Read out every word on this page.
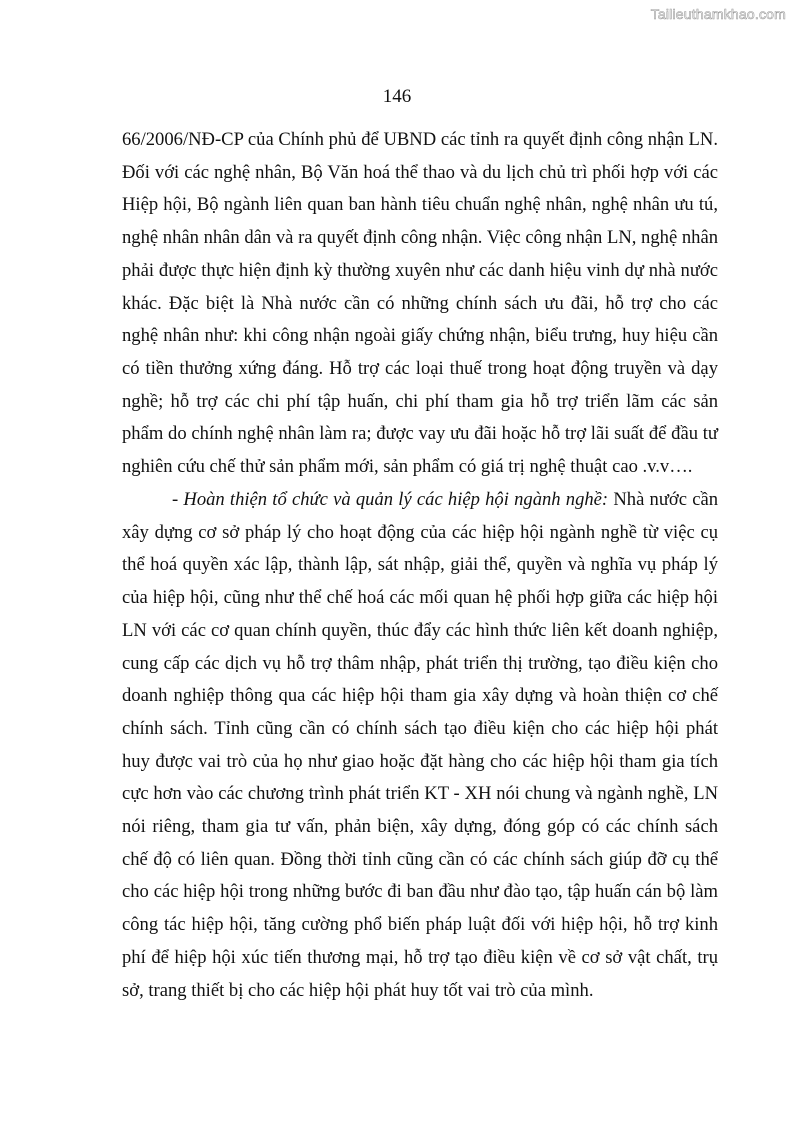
Tailieuthamkhao.com
146

66/2006/NĐ-CP của Chính phủ để UBND các tỉnh ra quyết định công nhận LN. Đối với các nghệ nhân, Bộ Văn hoá thể thao và du lịch chủ trì phối hợp với các Hiệp hội, Bộ ngành liên quan ban hành tiêu chuẩn nghệ nhân, nghệ nhân ưu tú, nghệ nhân nhân dân và ra quyết định công nhận. Việc công nhận LN, nghệ nhân phải được thực hiện định kỳ thường xuyên như các danh hiệu vinh dự nhà nước khác. Đặc biệt là Nhà nước cần có những chính sách ưu đãi, hỗ trợ cho các nghệ nhân như: khi công nhận ngoài giấy chứng nhận, biểu trưng, huy hiệu cần có tiền thưởng xứng đáng. Hỗ trợ các loại thuế trong hoạt động truyền và dạy nghề; hỗ trợ các chi phí tập huấn, chi phí tham gia hỗ trợ triển lãm các sản phẩm do chính nghệ nhân làm ra; được vay ưu đãi hoặc hỗ trợ lãi suất để đầu tư nghiên cứu chế thử sản phẩm mới, sản phẩm có giá trị nghệ thuật cao .v.v….

- Hoàn thiện tổ chức và quản lý các hiệp hội ngành nghề: Nhà nước cần xây dựng cơ sở pháp lý cho hoạt động của các hiệp hội ngành nghề từ việc cụ thể hoá quyền xác lập, thành lập, sát nhập, giải thể, quyền và nghĩa vụ pháp lý của hiệp hội, cũng như thể chế hoá các mối quan hệ phối hợp giữa các hiệp hội LN với các cơ quan chính quyền, thúc đẩy các hình thức liên kết doanh nghiệp, cung cấp các dịch vụ hỗ trợ thâm nhập, phát triển thị trường, tạo điều kiện cho doanh nghiệp thông qua các hiệp hội tham gia xây dựng và hoàn thiện cơ chế chính sách. Tỉnh cũng cần có chính sách tạo điều kiện cho các hiệp hội phát huy được vai trò của họ như giao hoặc đặt hàng cho các hiệp hội tham gia tích cực hơn vào các chương trình phát triển KT - XH nói chung và ngành nghề, LN nói riêng, tham gia tư vấn, phản biện, xây dựng, đóng góp có các chính sách chế độ có liên quan. Đồng thời tỉnh cũng cần có các chính sách giúp đỡ cụ thể cho các hiệp hội trong những bước đi ban đầu như đào tạo, tập huấn cán bộ làm công tác hiệp hội, tăng cường phổ biến pháp luật đối với hiệp hội, hỗ trợ kinh phí để hiệp hội xúc tiến thương mại, hỗ trợ tạo điều kiện về cơ sở vật chất, trụ sở, trang thiết bị cho các hiệp hội phát huy tốt vai trò của mình.
